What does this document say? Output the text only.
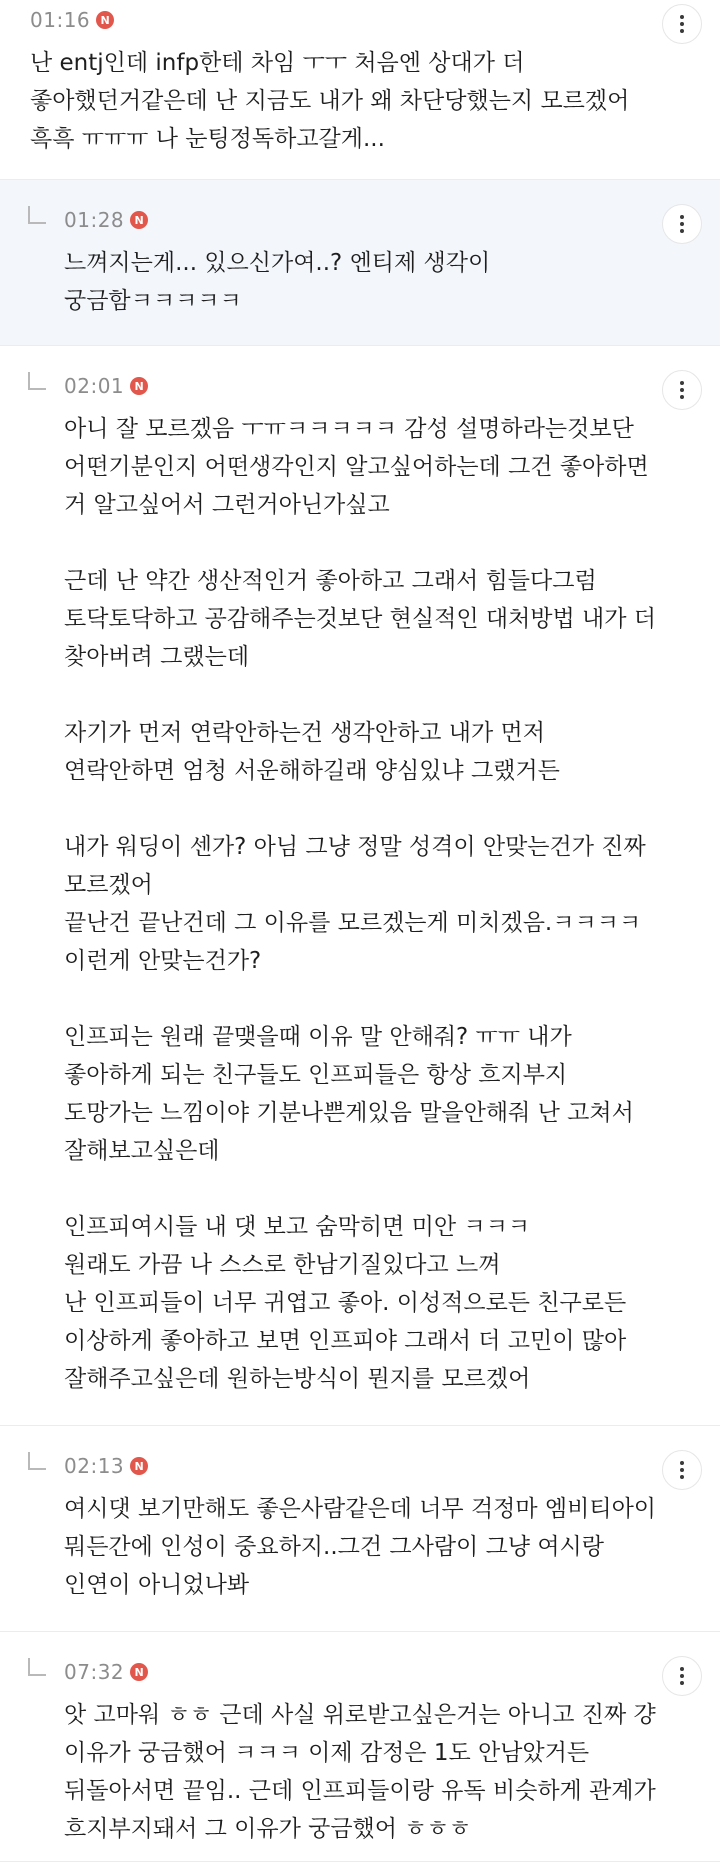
01:16 N
난 entj인데 infp한테 차임 ㅜㅜ 처음엔 상대가 더
좋아했던거같은데 난 지금도 내가 왜 차단당했는지 모르겠어
흑흑 ㅠㅠㅠ 나 눈팅정독하고갈게...
01:28 N
느껴지는게... 있으신가여..? 엔티제 생각이
궁금함ㅋㅋㅋㅋㅋ
02:01 N
아니 잘 모르겠음 ㅜㅠㅋㅋㅋㅋㅋ 감성 설명하라는것보단
어떤기분인지 어떤생각인지 알고싶어하는데 그건 좋아하면
거 알고싶어서 그런거아닌가싶고

근데 난 약간 생산적인거 좋아하고 그래서 힘들다그럼
토닥토닥하고 공감해주는것보단 현실적인 대처방법 내가 더
찾아버려 그랬는데

자기가 먼저 연락안하는건 생각안하고 내가 먼저
연락안하면 엄청 서운해하길래 양심있냐 그랬거든

내가 워딩이 센가? 아님 그냥 정말 성격이 안맞는건가 진짜
모르겠어
끝난건 끝난건데 그 이유를 모르겠는게 미치겠음.ㅋㅋㅋㅋ
이런게 안맞는건가?

인프피는 원래 끝맺을때 이유 말 안해줘? ㅠㅠ 내가
좋아하게 되는 친구들도 인프피들은 항상 흐지부지
도망가는 느낌이야 기분나쁜게있음 말을안해줘 난 고쳐서
잘해보고싶은데

인프피여시들 내 댓 보고 숨막히면 미안 ㅋㅋㅋ
원래도 가끔 나 스스로 한남기질있다고 느껴
난 인프피들이 너무 귀엽고 좋아. 이성적으로든 친구로든
이상하게 좋아하고 보면 인프피야 그래서 더 고민이 많아
잘해주고싶은데 원하는방식이 뭔지를 모르겠어
02:13 N
여시댓 보기만해도 좋은사람같은데 너무 걱정마 엠비티아이
뭐든간에 인성이 중요하지..그건 그사람이 그냥 여시랑
인연이 아니었나봐
07:32 N
앗 고마워 ㅎㅎ 근데 사실 위로받고싶은거는 아니고 진짜 걍
이유가 궁금했어 ㅋㅋㅋ 이제 감정은 1도 안남았거든
뒤돌아서면 끝임.. 근데 인프피들이랑 유독 비슷하게 관계가
흐지부지돼서 그 이유가 궁금했어 ㅎㅎㅎ
